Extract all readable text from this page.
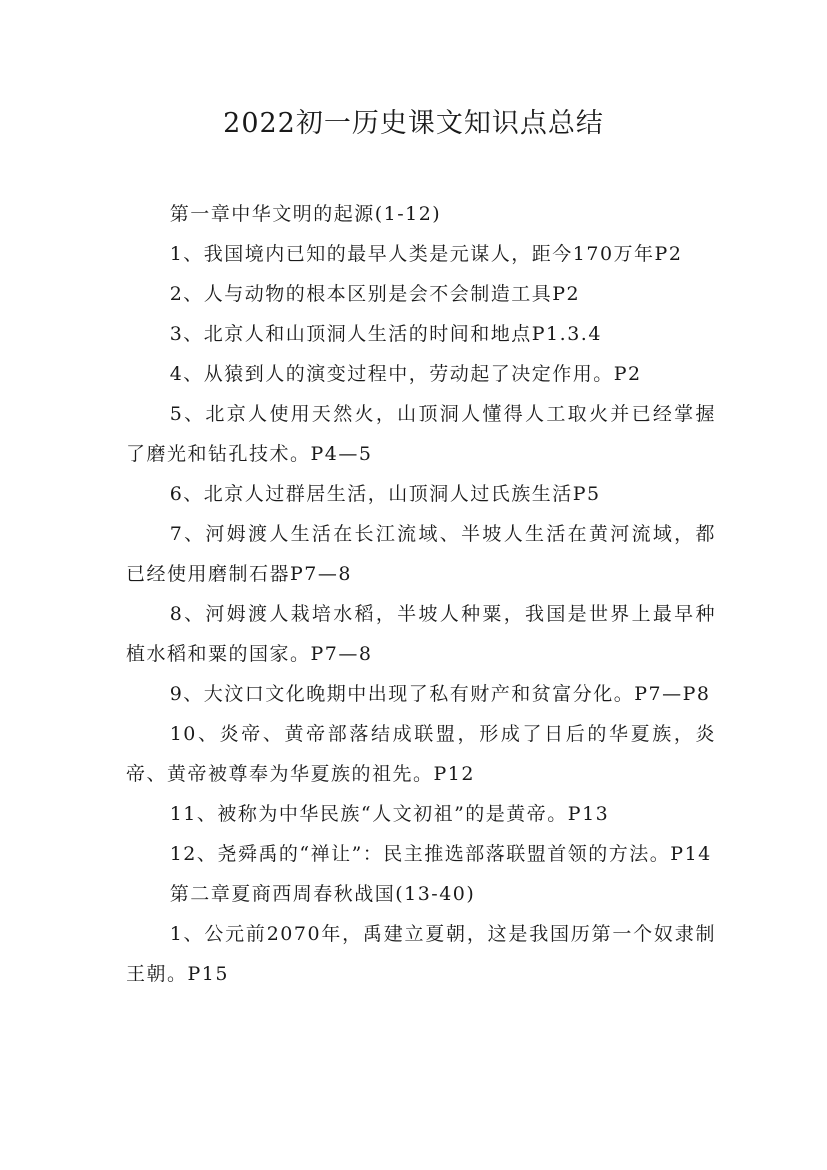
2022初一历史课文知识点总结

第一章中华文明的起源(1-12)

1、我国境内已知的最早人类是元谋人，距今170万年P2

2、人与动物的根本区别是会不会制造工具P2

3、北京人和山顶洞人生活的时间和地点P1.3.4

4、从猿到人的演变过程中，劳动起了决定作用。P2

5、北京人使用天然火，山顶洞人懂得人工取火并已经掌握了磨光和钻孔技术。P4—5

6、北京人过群居生活，山顶洞人过氏族生活P5

7、河姆渡人生活在长江流域、半坡人生活在黄河流域，都已经使用磨制石器P7—8

8、河姆渡人栽培水稻，半坡人种粟，我国是世界上最早种植水稻和粟的国家。P7—8

9、大汶口文化晚期中出现了私有财产和贫富分化。P7—P8

10、炎帝、黄帝部落结成联盟，形成了日后的华夏族，炎帝、黄帝被尊奉为华夏族的祖先。P12

11、被称为中华民族“人文初祖”的是黄帝。P13

12、尧舜禹的“禅让”：民主推选部落联盟首领的方法。P14

第二章夏商西周春秋战国(13-40)

1、公元前2070年，禹建立夏朝，这是我国历第一个奴隶制王朝。P15
